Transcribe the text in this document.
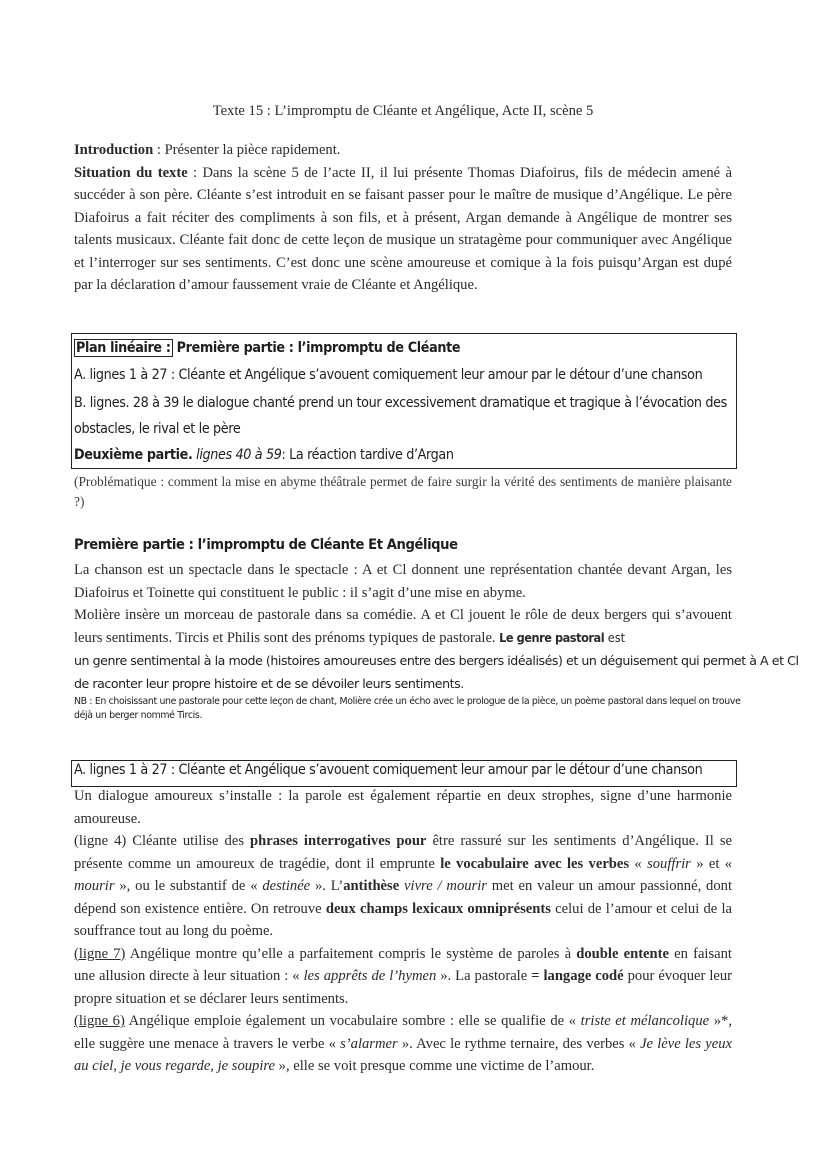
Texte 15 : L’impromptu de Cléante et Angélique, Acte II, scène 5

Introduction : Présenter la pièce rapidement.

Situation du texte : Dans la scène 5 de l’acte II, il lui présente Thomas Diafoirus, fils de médecin amené à succéder à son père. Cléante s’est introduit en se faisant passer pour le maître de musique d’Angélique. Le père Diafoirus a fait réciter des compliments à son fils, et à présent, Argan demande à Angélique de montrer ses talents musicaux. Cléante fait donc de cette leçon de musique un stratagème pour communiquer avec Angélique et l’interroger sur ses sentiments. C’est donc une scène amoureuse et comique à la fois puisqu’Argan est dupé par la déclaration d’amour faussement vraie de Cléante et Angélique.

Plan linéaire : Première partie : l’impromptu de Cléante
A. lignes 1 à 27 : Cléante et Angélique s’avouent comiquement leur amour par le détour d’une chanson
B. lignes. 28 à 39 le dialogue chanté prend un tour excessivement dramatique et tragique à l’évocation des
obstacles, le rival et le père
Deuxième partie. lignes 40 à 59: La réaction tardive d’Argan
(Problématique : comment la mise en abyme théâtrale permet de faire surgir la vérité des sentiments de manière plaisante ?)
Première partie : l’impromptu de Cléante Et Angélique

La chanson est un spectacle dans le spectacle : A et Cl donnent une représentation chantée devant Argan, les Diafoirus et Toinette qui constituent le public : il s’agit d’une mise en abyme.

Molière insère un morceau de pastorale dans sa comédie. A et Cl jouent le rôle de deux bergers qui s’avouent leurs sentiments. Tircis et Philis sont des prénoms typiques de pastorale. Le genre pastoral est

un genre sentimental à la mode (histoires amoureuses entre des bergers idéalisés) et un déguisement qui permet à A et Cl
de raconter leur propre histoire et de se dévoiler leurs sentiments.
NB : En choisissant une pastorale pour cette leçon de chant, Molière crée un écho avec le prologue de la pièce, un poème pastoral dans lequel on trouve
déjà un berger nommé Tircis.
A. lignes 1 à 27 : Cléante et Angélique s’avouent comiquement leur amour par le détour d’une chanson

Un dialogue amoureux s’installe : la parole est également répartie en deux strophes, signe d’une harmonie amoureuse.

(ligne 4) Cléante utilise des phrases interrogatives pour être rassuré sur les sentiments d’Angélique. Il se présente comme un amoureux de tragédie, dont il emprunte le vocabulaire avec les verbes « souffrir » et « mourir », ou le substantif de « destinée ». L’antithèse vivre / mourir met en valeur un amour passionné, dont dépend son existence entière. On retrouve deux champs lexicaux omniprésents celui de l’amour et celui de la souffrance tout au long du poème.

(ligne 7) Angélique montre qu’elle a parfaitement compris le système de paroles à double entente en faisant une allusion directe à leur situation : « les apprêts de l’hymen ». La pastorale = langage codé pour évoquer leur propre situation et se déclarer leurs sentiments.

(ligne 6) Angélique emploie également un vocabulaire sombre : elle se qualifie de « triste et mélancolique »*, elle suggère une menace à travers le verbe « s’alarmer ». Avec le rythme ternaire, des verbes « Je lève les yeux au ciel, je vous regarde, je soupire », elle se voit presque comme une victime de l’amour.
